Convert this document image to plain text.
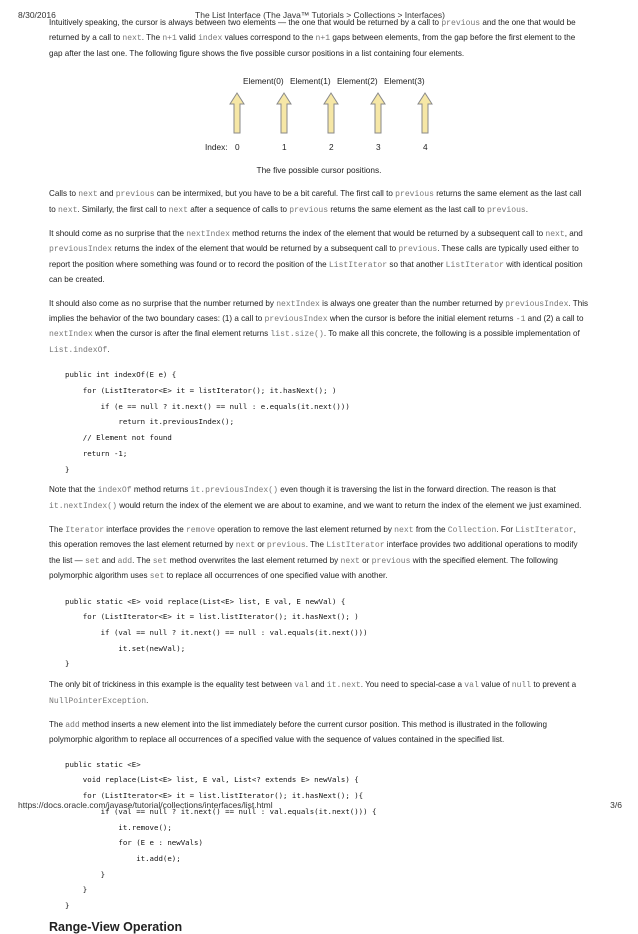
8/30/2016	The List Interface (The Java™ Tutorials > Collections > Interfaces)

Intuitively speaking, the cursor is always between two elements — the one that would be returned by a call to previous and the one that would be returned by a call to next. The n+1 valid index values correspond to the n+1 gaps between elements, from the gap before the first element to the gap after the last one. The following figure shows the five possible cursor positions in a list containing four elements.

Element(0) Element(1) Element(2) Element(3)
Index: 0	1	2	3	4
The five possible cursor positions.

Calls to next and previous can be intermixed, but you have to be a bit careful. The first call to previous returns the same element as the last call to next. Similarly, the first call to next after a sequence of calls to previous returns the same element as the last call to previous.

It should come as no surprise that the nextIndex method returns the index of the element that would be returned by a subsequent call to next, and previousIndex returns the index of the element that would be returned by a subsequent call to previous. These calls are typically used either to report the position where something was found or to record the position of the ListIterator so that another ListIterator with identical position can be created.

It should also come as no surprise that the number returned by nextIndex is always one greater than the number returned by previousIndex. This implies the behavior of the two boundary cases: (1) a call to previousIndex when the cursor is before the initial element returns -1 and (2) a call to nextIndex when the cursor is after the final element returns list.size(). To make all this concrete, the following is a possible implementation of List.indexOf.

public int indexOf(E e) {
for (ListIterator<E> it = listIterator(); it.hasNext(); )
if (e == null ? it.next() == null : e.equals(it.next()))
return it.previousIndex();
// Element not found
return -1;
}

Note that the indexOf method returns it.previousIndex() even though it is traversing the list in the forward direction. The reason is that it.nextIndex() would return the index of the element we are about to examine, and we want to return the index of the element we just examined.

The Iterator interface provides the remove operation to remove the last element returned by next from the Collection. For ListIterator, this operation removes the last element returned by next or previous. The ListIterator interface provides two additional operations to modify the list — set and add. The set method overwrites the last element returned by next or previous with the specified element. The following polymorphic algorithm uses set to replace all occurrences of one specified value with another.

public static <E> void replace(List<E> list, E val, E newVal) {
for (ListIterator<E> it = list.listIterator(); it.hasNext(); )
if (val == null ? it.next() == null : val.equals(it.next()))
it.set(newVal);
}

The only bit of trickiness in this example is the equality test between val and it.next. You need to special-case a val value of null to prevent a NullPointerException.

The add method inserts a new element into the list immediately before the current cursor position. This method is illustrated in the following polymorphic algorithm to replace all occurrences of a specified value with the sequence of values contained in the specified list.

public static <E>
void replace(List<E> list, E val, List<? extends E> newVals) {
for (ListIterator<E> it = list.listIterator(); it.hasNext(); ){
if (val == null ? it.next() == null : val.equals(it.next())) {
it.remove();
for (E e : newVals)
it.add(e);
}
}
}
Range-View Operation
https://docs.oracle.com/javase/tutorial/collections/interfaces/list.html	3/6
